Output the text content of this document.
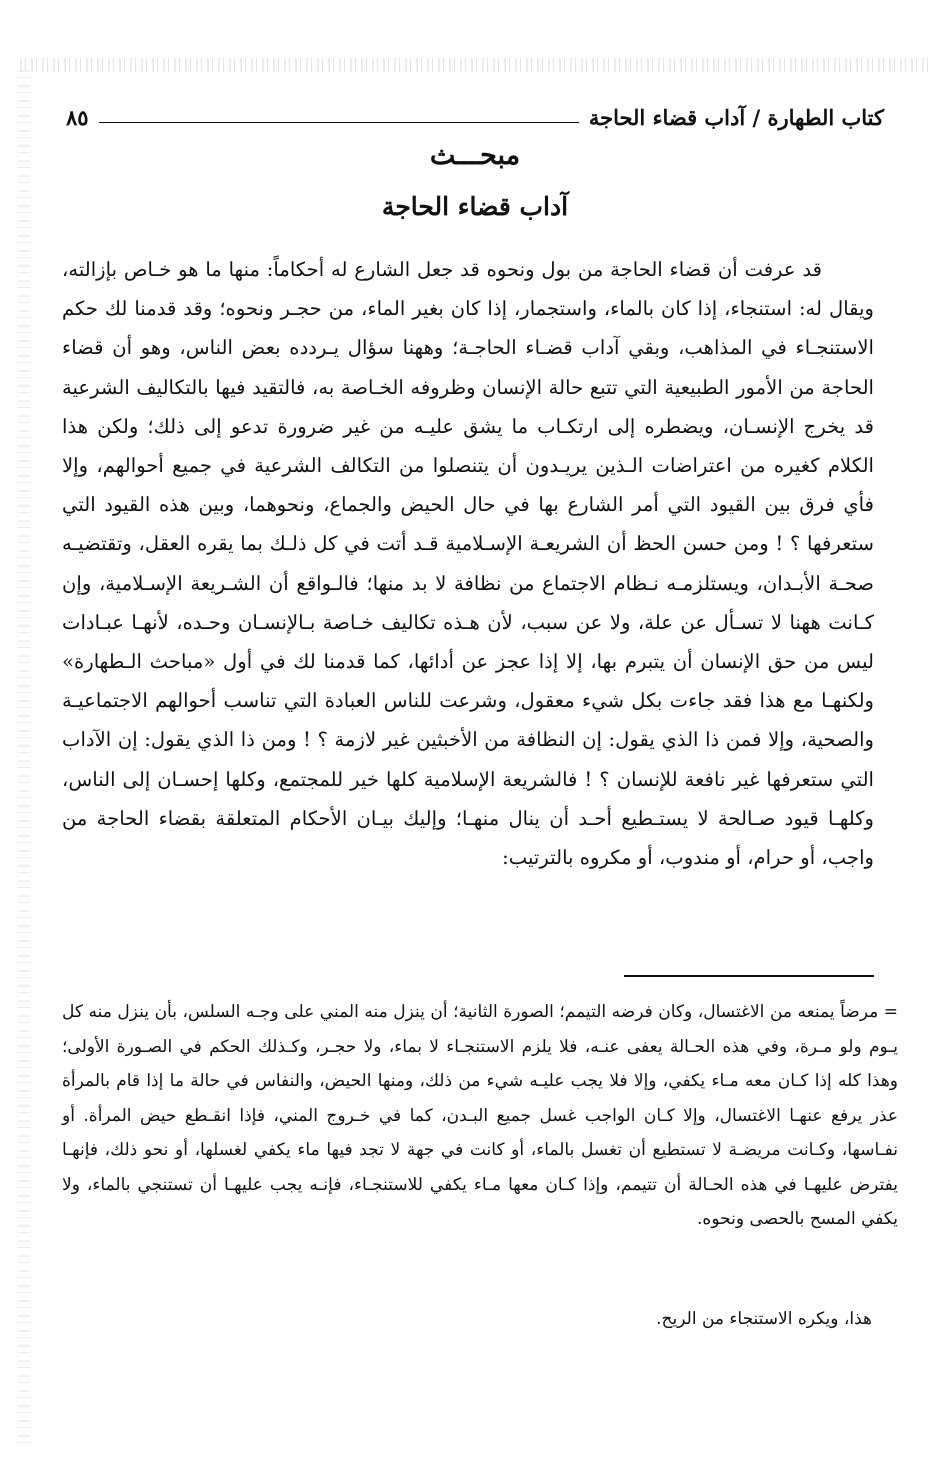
كتاب الطهارة / آداب قضاء الحاجة
٨٥
مبحـــث
آداب قضاء الحاجة

قد عرفت أن قضاء الحاجة من بول ونحوه قد جعل الشارع له أحكاماً: منها ما هو خـاص بإزالته، ويقال له: استنجاء، إذا كان بالماء، واستجمار، إذا كان بغير الماء، من حجـر ونحوه؛ وقد قدمنا لك حكم الاستنجـاء في المذاهب، وبقي آداب قضـاء الحاجـة؛ وههنا سؤال يـردده بعض الناس، وهو أن قضاء الحاجة من الأمور الطبيعية التي تتبع حالة الإنسان وظروفه الخـاصة به، فالتقيد فيها بالتكاليف الشرعية قد يخرج الإنسـان، ويضطره إلى ارتكـاب ما يشق عليـه من غير ضرورة تدعو إلى ذلك؛ ولكن هذا الكلام كغيره من اعتراضات الـذين يريـدون أن يتنصلوا من التكالف الشرعية في جميع أحوالهم، وإلا فأي فرق بين القيود التي أمر الشارع بها في حال الحيض والجماع، ونحوهما، وبين هذه القيود التي ستعرفها ؟ ! ومن حسن الحظ أن الشريعـة الإسـلامية قـد أتت في كل ذلـك بما يقره العقل، وتقتضيـه صحـة الأبـدان، ويستلزمـه نـظام الاجتماع من نظافة لا بد منها؛ فالـواقع أن الشـريعة الإسـلامية، وإن كـانت ههنا لا تسـأل عن علة، ولا عن سبب، لأن هـذه تكاليف خـاصة بـالإنسـان وحـده، لأنهـا عبـادات ليس من حق الإنسان أن يتبرم بها، إلا إذا عجز عن أدائها، كما قدمنا لك في أول «مباحث الـطهارة» ولكنهـا مع هذا فقد جاءت بكل شيء معقول، وشرعت للناس العبادة التي تناسب أحوالهم الاجتماعيـة والصحية، وإلا فمن ذا الذي يقول: إن النظافة من الأخبثين غير لازمة ؟ ! ومن ذا الذي يقول: إن الآداب التي ستعرفها غير نافعة للإنسان ؟ ! فالشريعة الإسلامية كلها خير للمجتمع، وكلها إحسـان إلى الناس، وكلهـا قيود صـالحة لا يستـطيع أحـد أن ينال منهـا؛ وإليك بيـان الأحكام المتعلقة بقضاء الحاجة من واجب، أو حرام، أو مندوب، أو مكروه بالترتيب:

= مرضاً يمنعه من الاغتسال، وكان فرضه التيمم؛ الصورة الثانية؛ أن ينزل منه المني على وجـه السلس، بأن ينزل منه كل يـوم ولو مـرة، وفي هذه الحـالة يعفى عنـه، فلا يلزم الاستنجـاء لا بماء، ولا حجـر، وكـذلك الحكم في الصـورة الأولى؛ وهذا كله إذا كـان معه مـاء يكفي، وإلا فلا يجب عليـه شيء من ذلك، ومنها الحيض، والنفاس في حالة ما إذا قام بالمرأة عذر يرفع عنهـا الاغتسال، وإلا كـان الواجب غسل جميع البـدن، كما في خـروج المني، فإذا انقـطع حيض المرأة. أو نفـاسها، وكـانت مريضـة لا تستطيع أن تغسل بالماء، أو كانت في جهة لا تجد فيها ماء يكفي لغسلها، أو نحو ذلك، فإنهـا يفترض عليهـا في هذه الحـالة أن تتيمم، وإذا كـان معها مـاء يكفي للاستنجـاء، فإنـه يجب عليهـا أن تستنجي بالماء، ولا يكفي المسح بالحصى ونحوه.

هذا، ويكره الاستنجاء من الريح.
